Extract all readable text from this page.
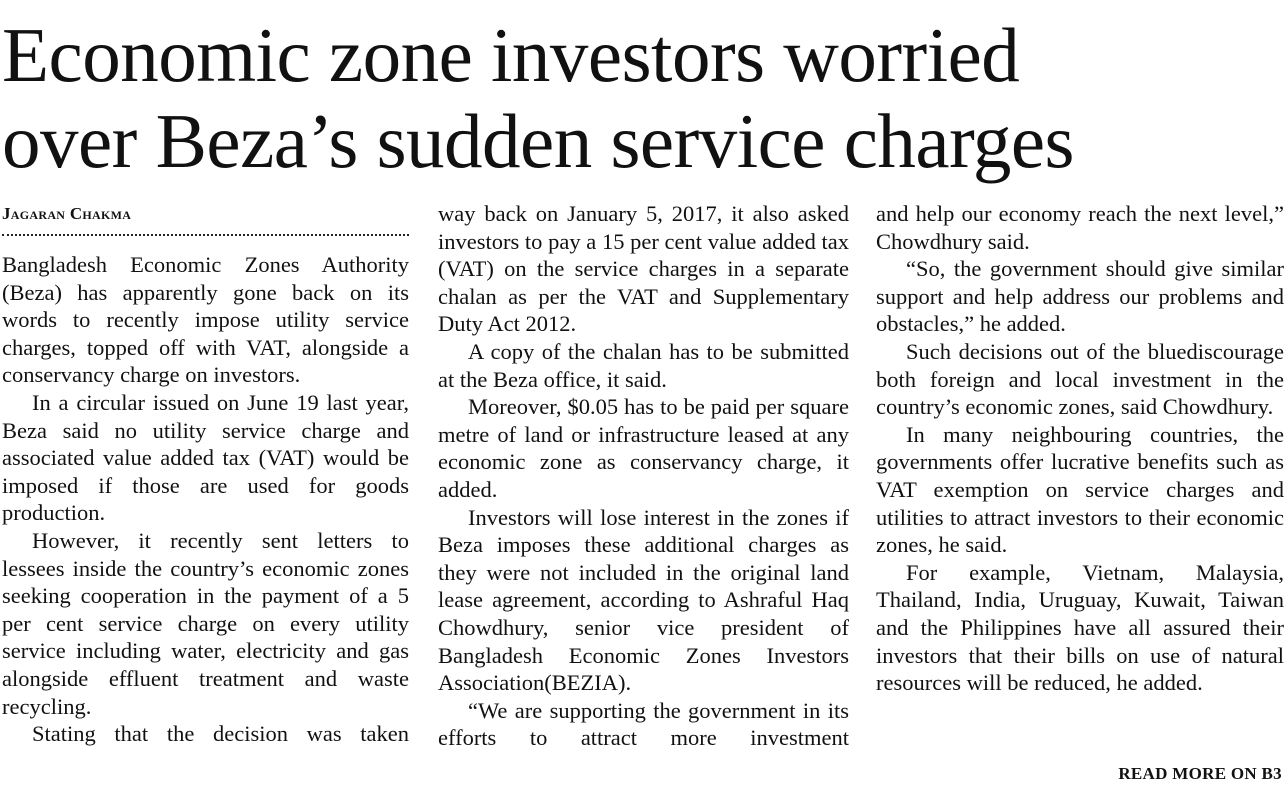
Economic zone investors worried
over Beza’s sudden service charges

Jagaran Chakma

Bangladesh Economic Zones Authority (Beza) has apparently gone back on its words to recently impose utility service charges, topped off with VAT, alongside a conservancy charge on investors.

In a circular issued on June 19 last year, Beza said no utility service charge and associated value added tax (VAT) would be imposed if those are used for goods production.

However, it recently sent letters to lessees inside the country’s economic zones seeking cooperation in the payment of a 5 per cent service charge on every utility service including water, electricity and gas alongside effluent treatment and waste recycling.

Stating that the decision was taken

way back on January 5, 2017, it also asked investors to pay a 15 per cent value added tax (VAT) on the service charges in a separate chalan as per the VAT and Supplementary Duty Act 2012.

A copy of the chalan has to be submitted at the Beza office, it said.

Moreover, $0.05 has to be paid per square metre of land or infrastructure leased at any economic zone as conservancy charge, it added.

Investors will lose interest in the zones if Beza imposes these additional charges as they were not included in the original land lease agreement, according to Ashraful Haq Chowdhury, senior vice president of Bangladesh Economic Zones Investors Association(BEZIA).

“We are supporting the government in its efforts to attract more investment

and help our economy reach the next level,” Chowdhury said.

“So, the government should give similar support and help address our problems and obstacles,” he added.

Such decisions out of the bluediscourage both foreign and local investment in the country’s economic zones, said Chowdhury.

In many neighbouring countries, the governments offer lucrative benefits such as VAT exemption on service charges and utilities to attract investors to their economic zones, he said.

For example, Vietnam, Malaysia, Thailand, India, Uruguay, Kuwait, Taiwan and the Philippines have all assured their investors that their bills on use of natural resources will be reduced, he added.

READ MORE ON B3
